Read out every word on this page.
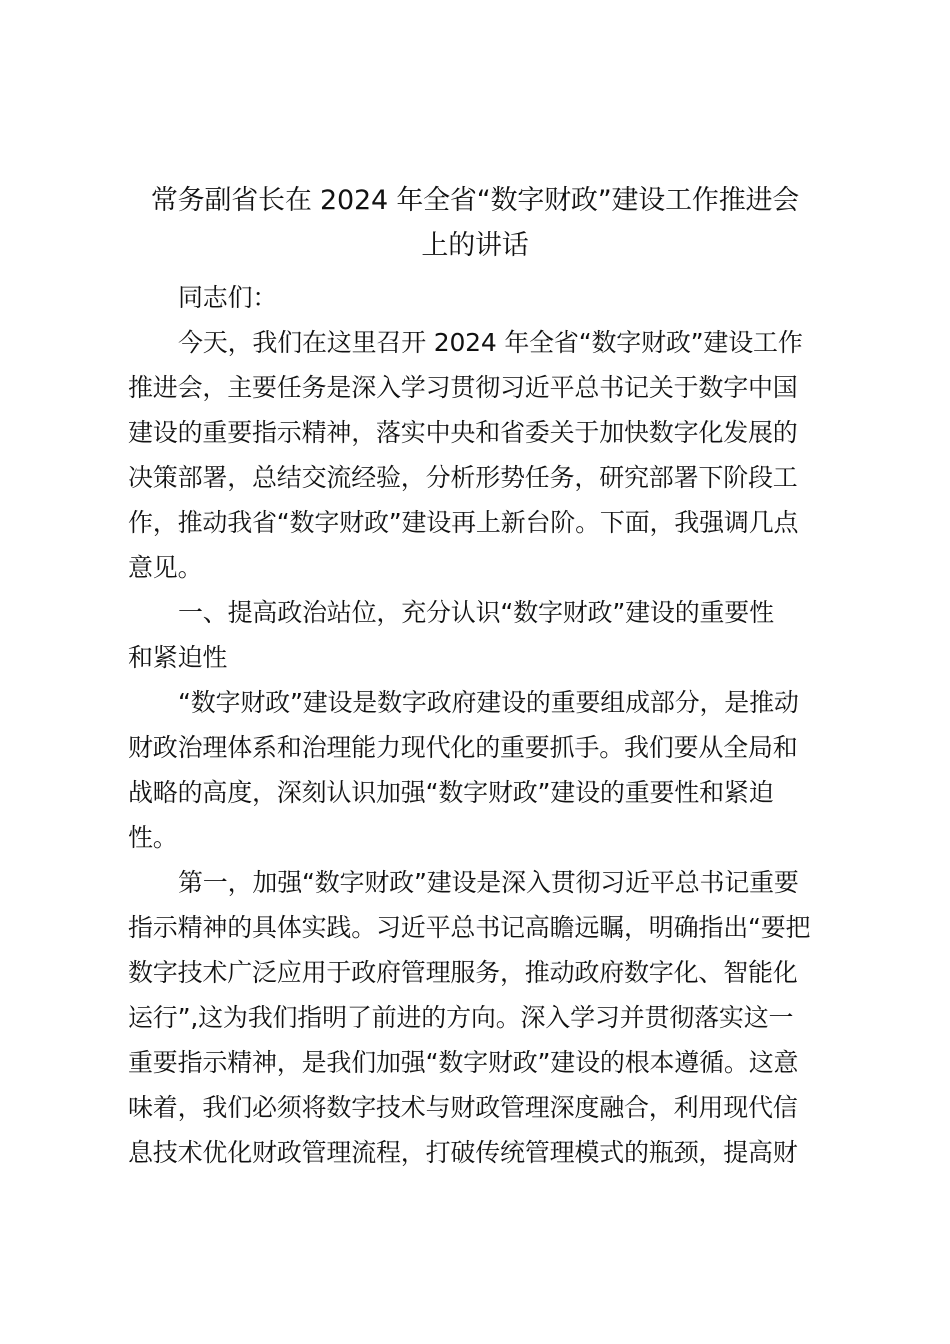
常务副省长在 2024 年全省“数字财政”建设工作推进会
上的讲话
同志们：
今天，我们在这里召开 2024 年全省“数字财政”建设工作
推进会，主要任务是深入学习贯彻习近平总书记关于数字中国
建设的重要指示精神，落实中央和省委关于加快数字化发展的
决策部署，总结交流经验，分析形势任务，研究部署下阶段工
作，推动我省“数字财政”建设再上新台阶。下面，我强调几点
意见。
一、提高政治站位，充分认识“数字财政”建设的重要性
和紧迫性
“数字财政”建设是数字政府建设的重要组成部分，是推动
财政治理体系和治理能力现代化的重要抓手。我们要从全局和
战略的高度，深刻认识加强“数字财政”建设的重要性和紧迫
性。
第一，加强“数字财政”建设是深入贯彻习近平总书记重要
指示精神的具体实践。习近平总书记高瞻远瞩，明确指出“要把
数字技术广泛应用于政府管理服务，推动政府数字化、智能化
运行”,这为我们指明了前进的方向。深入学习并贯彻落实这一
重要指示精神，是我们加强“数字财政”建设的根本遵循。这意
味着，我们必须将数字技术与财政管理深度融合，利用现代信
息技术优化财政管理流程，打破传统管理模式的瓶颈，提高财
